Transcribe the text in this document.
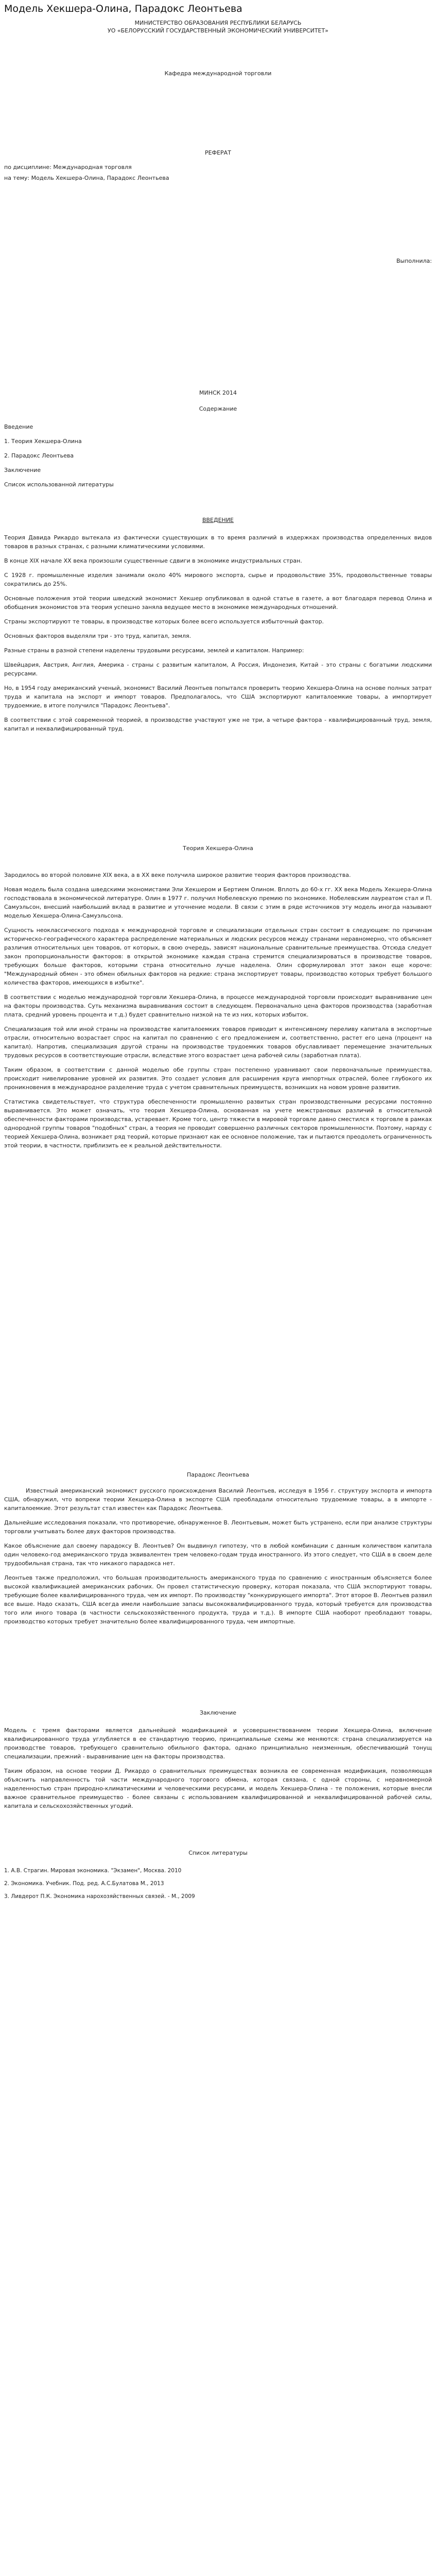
Модель Хекшера-Олина, Парадокс Леонтьева
МИНИСТЕРСТВО ОБРАЗОВАНИЯ РЕСПУБЛИКИ БЕЛАРУСЬ
УО «БЕЛОРУССКИЙ ГОСУДАРСТВЕННЫЙ ЭКОНОМИЧЕСКИЙ УНИВЕРСИТЕТ»
Кафедра международной торговли
РЕФЕРАТ
по дисциплине: Международная торговля
на тему: Модель Хекшера-Олина, Парадокс Леонтьева
Выполнила:
МИНСК 2014
Содержание
Введение
1. Теория Хекшера-Олина
2. Парадокс Леонтьева
Заключение
Список использованной литературы
ВВЕДЕНИЕ

Теория Давида Рикардо вытекала из фактически существующих в то время различий в издержках производства определенных видов товаров в разных странах, с разными климатическими условиями.

В конце XIX начале XX века произошли существенные сдвиги в экономике индустриальных стран.

С 1928 г. промышленные изделия занимали около 40% мирового экспорта, сырье и продовольствие 35%, продовольственные товары сократились до 25%.

Основные положения этой теории шведский экономист Хекшер опубликовал в одной статье в газете, а вот благодаря перевод Олина и обобщения экономистов эта теория успешно заняла ведущее место в экономике международных отношений.

Страны экспортируют те товары, в производстве которых более всего используется избыточный фактор.

Основных факторов выделяли три - это труд, капитал, земля.

Разные страны в разной степени наделены трудовыми ресурсами, землей и капиталом. Например:

Швейцария, Австрия, Англия, Америка - страны с развитым капиталом, А Россия, Индонезия, Китай - это страны с богатыми людскими ресурсами.

Но, в 1954 году американский ученый, экономист Василий Леонтьев попытался проверить теорию Хекшера-Олина на основе полных затрат труда и капитала на экспорт и импорт товаров. Предполагалось, что США экспортируют капиталоемкие товары, а импортирует трудоемкие, в итоге получился "Парадокс Леонтьева".

В соответствии с этой современной теорией, в производстве участвуют уже не три, а четыре фактора - квалифицированный труд, земля, капитал и неквалифицированный труд.

Теория Хекшера-Олина

Зародилось во второй половине XIX века, а в XX веке получила широкое развитие теория факторов производства.

Новая модель была создана шведскими экономистами Эли Хекшером и Бертием Олином. Вплоть до 60-х гг. XX века Модель Хекшера-Олина господствовала в экономической литературе. Олин в 1977 г. получил Нобелевскую премию по экономике. Нобелевским лауреатом стал и П. Самуэльсон, внесший наибольший вклад в развитие и уточнение модели. В связи с этим в ряде источников эту модель иногда называют моделью Хекшера-Олина-Самуэльсона.

Сущность неоклассического подхода к международной торговле и специализации отдельных стран состоит в следующем: по причинам историческо-географического характера распределение материальных и людских ресурсов между странами неравномерно, что объясняет различия относительных цен товаров, от которых, в свою очередь, зависят национальные сравнительные преимущества. Отсюда следует закон пропорциональности факторов: в открытой экономике каждая страна стремится специализироваться в производстве товаров, требующих больше факторов, которыми страна относительно лучше наделена. Олин сформулировал этот закон еще короче: "Международный обмен - это обмен обильных факторов на редкие: страна экспортирует товары, производство которых требует большого количества факторов, имеющихся в избытке".

В соответствии с моделью международной торговли Хекшера-Олина, в процессе международной торговли происходит выравнивание цен на факторы производства. Суть механизма выравнивания состоит в следующем. Первоначально цена факторов производства (заработная плата, средний уровень процента и т.д.) будет сравнительно низкой на те из них, которых избыток.

Специализация той или иной страны на производстве капиталоемких товаров приводит к интенсивному переливу капитала в экспортные отрасли, относительно возрастает спрос на капитал по сравнению с его предложением и, соответственно, растет его цена (процент на капитал). Напротив, специализация другой страны на производстве трудоемких товаров обуславливает перемещение значительных трудовых ресурсов в соответствующие отрасли, вследствие этого возрастает цена рабочей силы (заработная плата).

Таким образом, в соответствии с данной моделью обе группы стран постепенно уравнивают свои первоначальные преимущества, происходит нивелирование уровней их развития. Это создает условия для расширения круга импортных отраслей, более глубокого их проникновения в международное разделение труда с учетом сравнительных преимуществ, возникших на новом уровне развития.

Статистика свидетельствует, что структура обеспеченности промышленно развитых стран производственными ресурсами постоянно выравнивается. Это может означать, что теория Хекшера-Олина, основанная на учете межстрановых различий в относительной обеспеченности факторами производства, устаревает. Кроме того, центр тяжести в мировой торговле давно сместился к торговле в рамках однородной группы товаров "подобных" стран, а теория не проводит совершенно различных секторов промышленности. Поэтому, наряду с теорией Хекшера-Олина, возникает ряд теорий, которые признают как ее основное положение, так и пытаются преодолеть ограниченность этой теории, в частности, приблизить ее к реальной действительности.

Парадокс Леонтьева

Известный американский экономист русского происхождения Василий Леонтьев, исследуя в 1956 г. структуру экспорта и импорта США, обнаружил, что вопреки теории Хекшера-Олина в экспорте США преобладали относительно трудоемкие товары, а в импорте - капиталоемкие. Этот результат стал известен как Парадокс Леонтьева.

Дальнейшие исследования показали, что противоречие, обнаруженное В. Леонтьевым, может быть устранено, если при анализе структуры торговли учитывать более двух факторов производства.

Какое объяснение дал своему парадоксу В. Леонтьев? Он выдвинул гипотезу, что в любой комбинации с данным количеством капитала один человеко-год американского труда эквивалентен трем человеко-годам труда иностранного. Из этого следует, что США в в своем деле трудообильная страна, так что никакого парадокса нет.

Леонтьев также предположил, что большая производительность американского труда по сравнению с иностранным объясняется более высокой квалификацией американских рабочих. Он провел статистическую проверку, которая показала, что США экспортируют товары, требующие более квалифицированного труда, чем их импорт. По производству "конкурирующего импорта". Этот второе В. Леонтьев развил все выше. Надо сказать, США всегда имели наибольшие запасы высококвалифицированного труда, который требуется для производства того или иного товара (в частности сельскохозяйственного продукта, труда и т.д.). В импорте США наоборот преобладают товары, производство которых требует значительно более квалифицированного труда, чем импортные.

Заключение

Модель с тремя факторами является дальнейшей модификацией и усовершенствованием теории Хекшера-Олина, включение квалифицированного труда углубляется в ее стандартную теорию, принципиальные схемы же меняются: страна специализируется на производстве товаров, требующего сравнительно обильного фактора, однако принципиально неизменным, обеспечивающий тонущ специализации, прежний - выравнивание цен на факторы производства.

Таким образом, на основе теории Д. Рикардо о сравнительных преимуществах возникла ее современная модификация, позволяющая объяснить направленность той части международного торгового обмена, которая связана, с одной стороны, с неравномерной наделенностью стран природно-климатическими и человеческими ресурсами, и модель Хекшера-Олина - те положения, которые внесли важное сравнительное преимущество - более связаны с использованием квалифицированной и неквалифицированной рабочей силы, капитала и сельскохозяйственных угодий.

Список литературы
1. А.В. Страгин. Мировая экономика. "Экзамен", Москва. 2010
2. Экономика. Учебник. Под. ред. А.С.Булатова М., 2013
3. Ливдерот П.К. Экономика нарохозяйственных связей. - М., 2009
